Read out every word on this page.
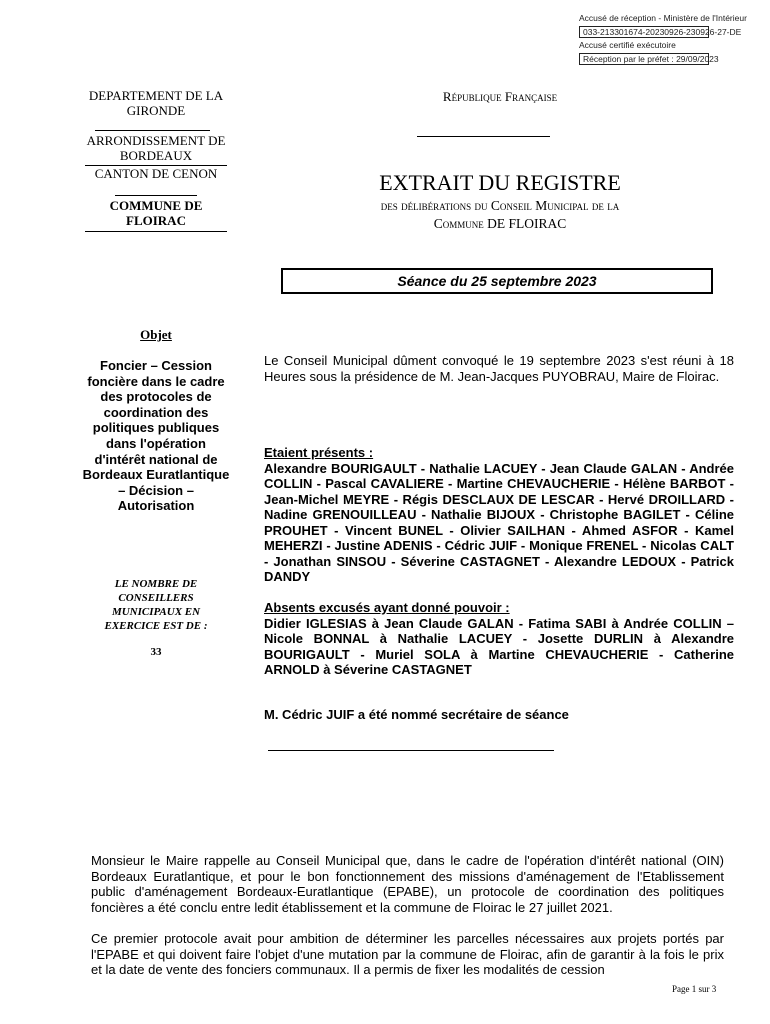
Accusé de réception - Ministère de l'Intérieur
033-213301674-20230926-230926-27-DE
Accusé certifié exécutoire
Réception par le préfet : 29/09/2023
DEPARTEMENT DE LA GIRONDE
ARRONDISSEMENT DE BORDEAUX
CANTON DE CENON
COMMUNE DE FLOIRAC
République Française
EXTRAIT DU REGISTRE
des délibérations du Conseil Municipal de la
Commune DE FLOIRAC
Séance du 25 septembre 2023
Objet
Foncier – Cession foncière dans le cadre des protocoles de coordination des politiques publiques dans l'opération d'intérêt national de Bordeaux Euratlantique – Décision – Autorisation
LE NOMBRE DE CONSEILLERS MUNICIPAUX EN EXERCICE EST DE :
33
Le Conseil Municipal dûment convoqué le 19 septembre 2023 s'est réuni à 18 Heures sous la présidence de M. Jean-Jacques PUYOBRAU, Maire de Floirac.
Etaient présents :
Alexandre BOURIGAULT - Nathalie LACUEY - Jean Claude GALAN - Andrée COLLIN - Pascal CAVALIERE - Martine CHEVAUCHERIE - Hélène BARBOT - Jean-Michel MEYRE - Régis DESCLAUX DE LESCAR - Hervé DROILLARD - Nadine GRENOUILLEAU - Nathalie BIJOUX - Christophe BAGILET - Céline PROUHET - Vincent BUNEL - Olivier SAILHAN - Ahmed ASFOR - Kamel MEHERZI - Justine ADENIS - Cédric JUIF - Monique FRENEL - Nicolas CALT - Jonathan SINSOU - Séverine CASTAGNET - Alexandre LEDOUX - Patrick DANDY
Absents excusés ayant donné pouvoir :
Didier IGLESIAS à Jean Claude GALAN - Fatima SABI à Andrée COLLIN – Nicole BONNAL à Nathalie LACUEY - Josette DURLIN à Alexandre BOURIGAULT - Muriel SOLA à Martine CHEVAUCHERIE - Catherine ARNOLD à Séverine CASTAGNET
M. Cédric JUIF a été nommé secrétaire de séance
Monsieur le Maire rappelle au Conseil Municipal que, dans le cadre de l'opération d'intérêt national (OIN) Bordeaux Euratlantique, et pour le bon fonctionnement des missions d'aménagement de l'Etablissement public d'aménagement Bordeaux-Euratlantique (EPABE), un protocole de coordination des politiques foncières a été conclu entre ledit établissement et la commune de Floirac le 27 juillet 2021.
Ce premier protocole avait pour ambition de déterminer les parcelles nécessaires aux projets portés par l'EPABE et qui doivent faire l'objet d'une mutation par la commune de Floirac, afin de garantir à la fois le prix et la date de vente des fonciers communaux. Il a permis de fixer les modalités de cession
Page 1 sur 3
